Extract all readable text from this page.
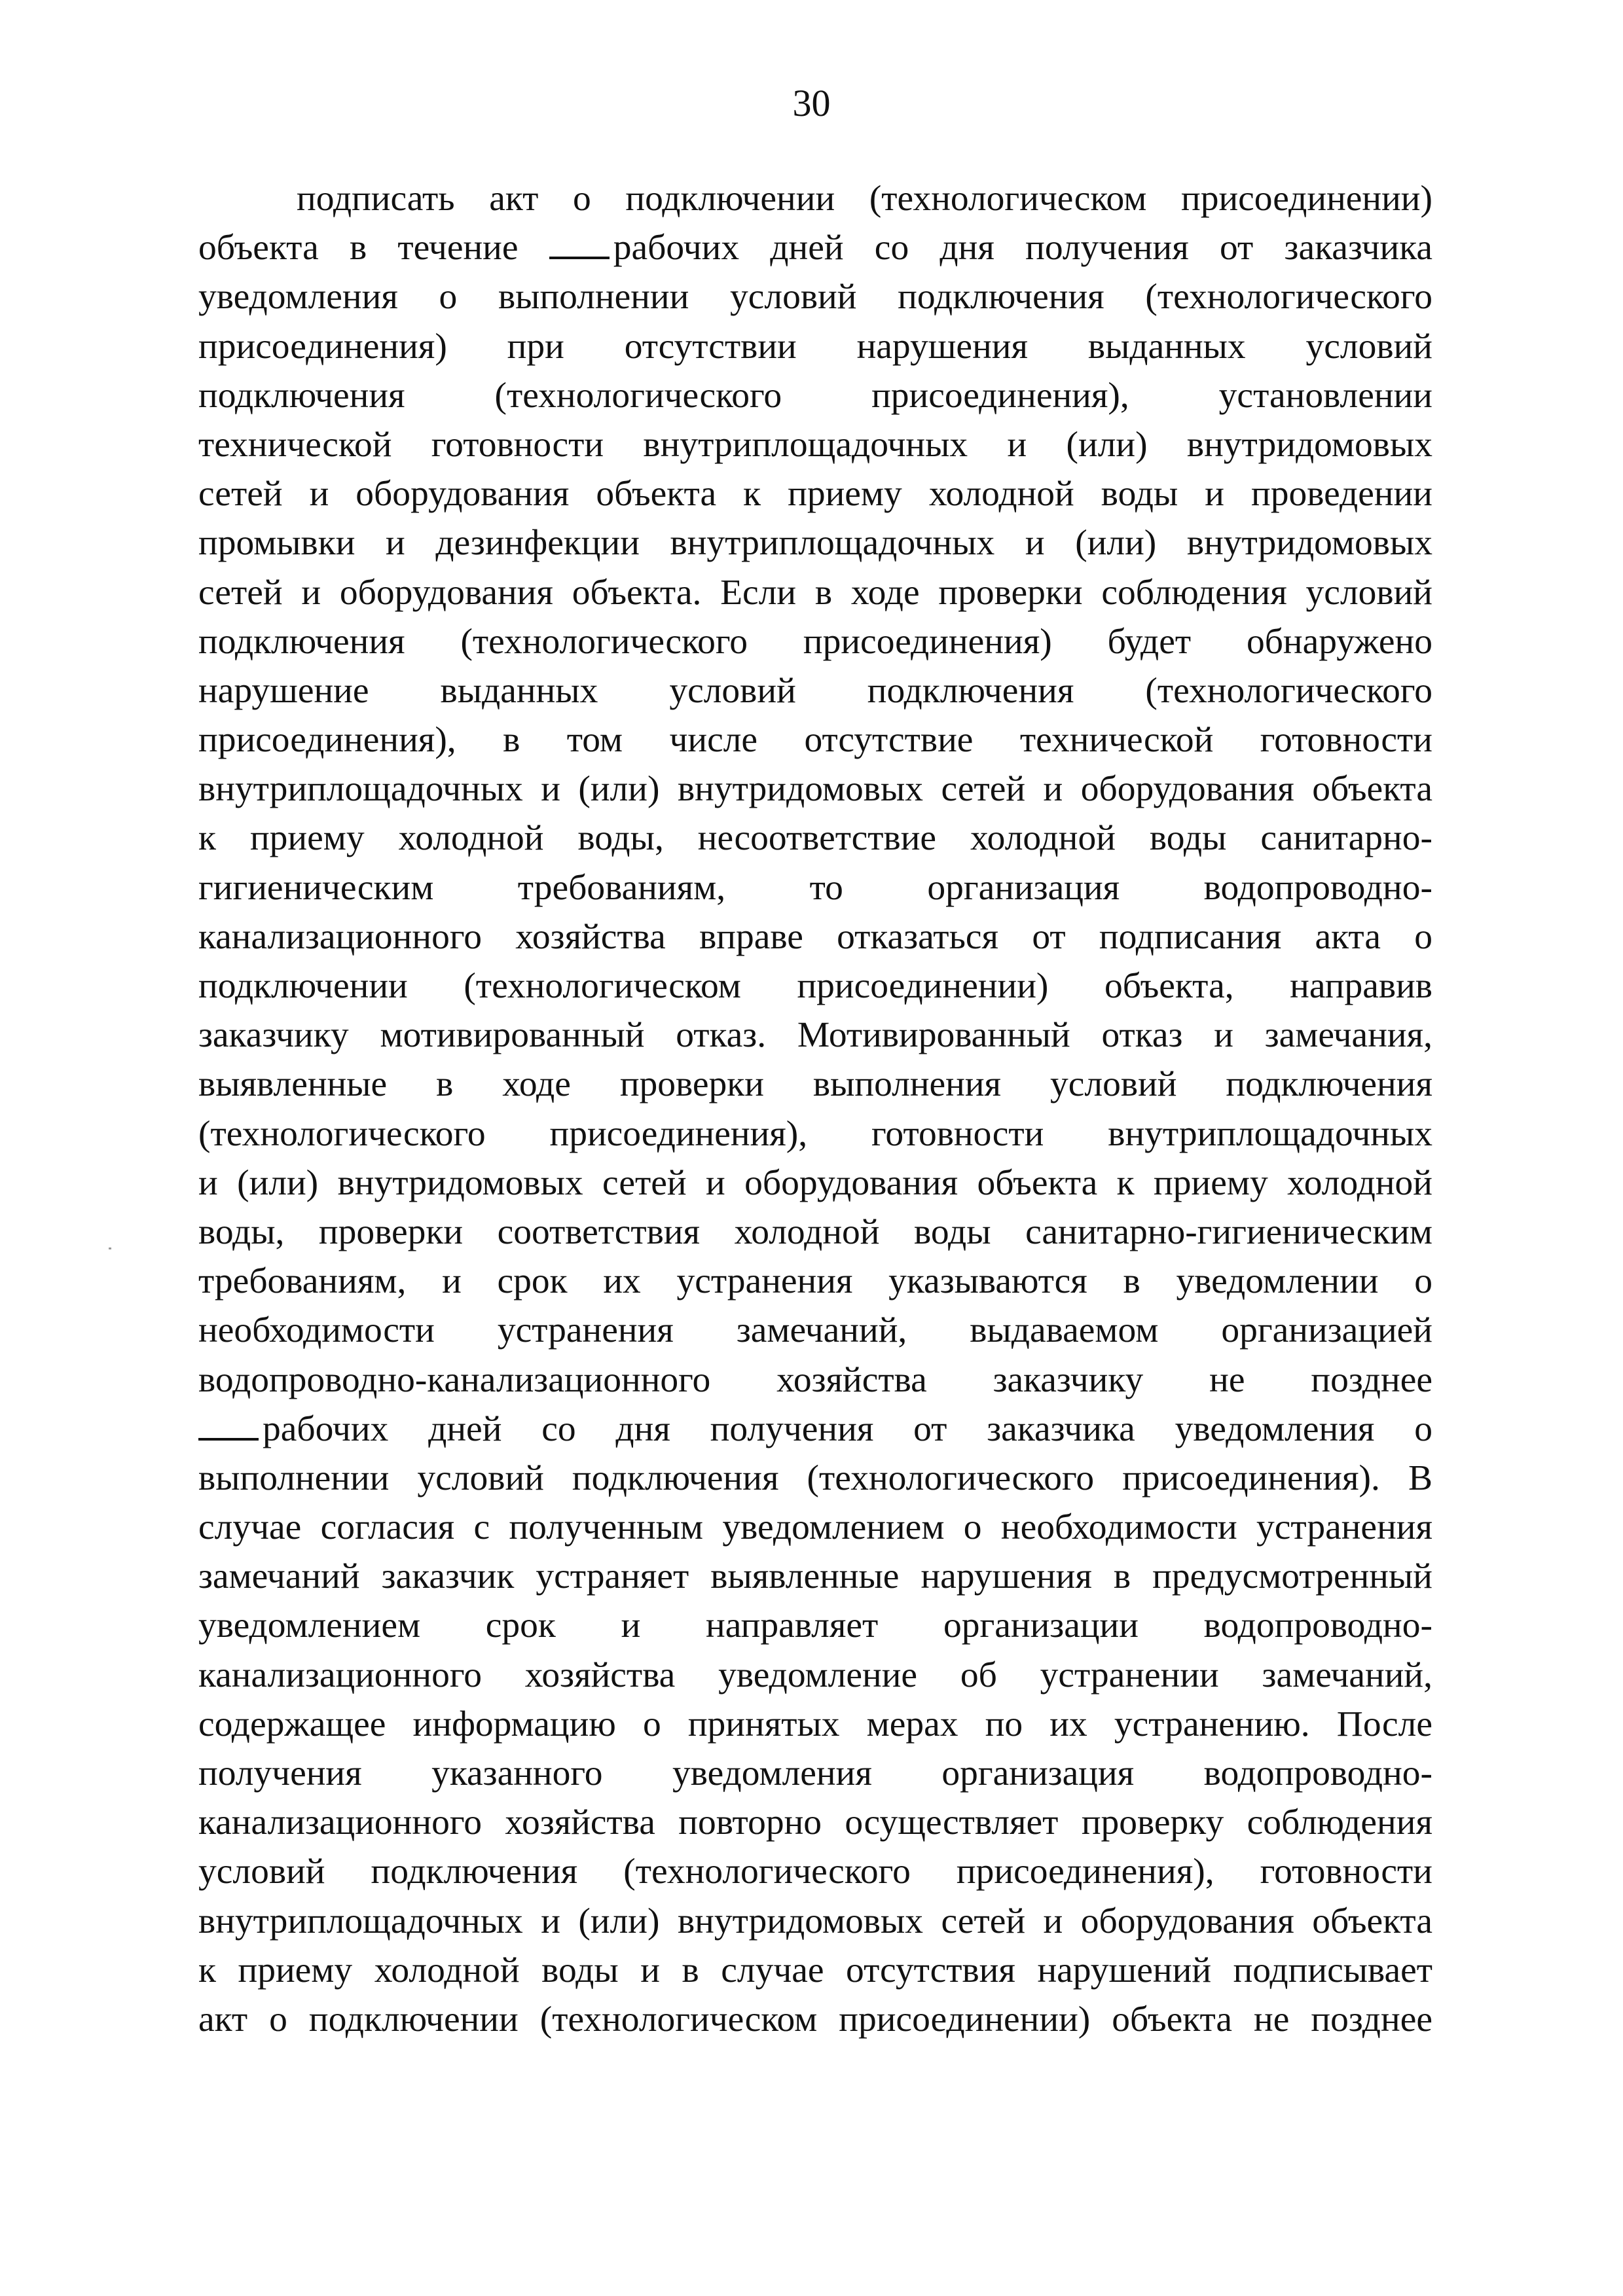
30
подписать акт о подключении (технологическом присоединении)
объекта в течение	рабочих дней со дня получения от заказчика
уведомления о выполнении условий подключения (технологического
присоединения) при отсутствии нарушения выданных условий
подключения (технологического присоединения), установлении
технической готовности внутриплощадочных и (или) внутридомовых
сетей и оборудования объекта к приему холодной воды и проведении
промывки и дезинфекции внутриплощадочных и (или) внутридомовых
сетей и оборудования объекта. Если в ходе проверки соблюдения условий
подключения (технологического присоединения) будет обнаружено
нарушение выданных условий подключения (технологического
присоединения), в том числе отсутствие технической готовности
внутриплощадочных и (или) внутридомовых сетей и оборудования объекта
к приему холодной воды, несоответствие холодной воды санитарно-
гигиеническим требованиям, то организация водопроводно-
канализационного хозяйства вправе отказаться от подписания акта о
подключении (технологическом присоединении) объекта, направив
заказчику мотивированный отказ. Мотивированный отказ и замечания,
выявленные в ходе проверки выполнения условий подключения
(технологического присоединения), готовности внутриплощадочных
и (или) внутридомовых сетей и оборудования объекта к приему холодной
воды, проверки соответствия холодной воды санитарно-гигиеническим
требованиям, и срок их устранения указываются в уведомлении о
необходимости устранения замечаний, выдаваемом организацией
водопроводно-канализационного хозяйства заказчику не позднее
рабочих дней со дня получения от заказчика уведомления о
выполнении условий подключения (технологического присоединения). В
случае согласия с полученным уведомлением о необходимости устранения
замечаний заказчик устраняет выявленные нарушения в предусмотренный
уведомлением срок и направляет организации водопроводно-
канализационного хозяйства уведомление об устранении замечаний,
содержащее информацию о принятых мерах по их устранению. После
получения указанного уведомления организация водопроводно-
канализационного хозяйства повторно осуществляет проверку соблюдения
условий подключения (технологического присоединения), готовности
внутриплощадочных и (или) внутридомовых сетей и оборудования объекта
к приему холодной воды и в случае отсутствия нарушений подписывает
акт о подключении (технологическом присоединении) объекта не позднее
